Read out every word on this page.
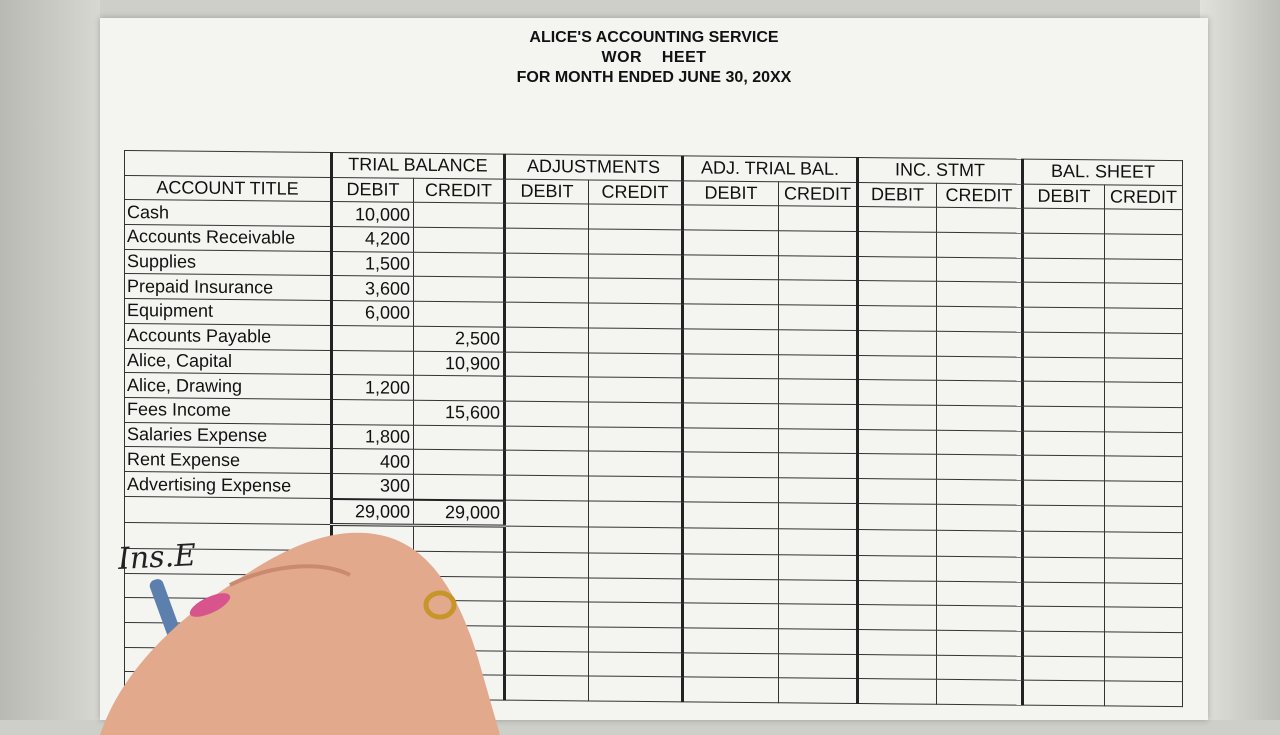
ALICE'S ACCOUNTING SERVICE
WOR    HEET
FOR MONTH ENDED JUNE 30, 20XX
	TRIAL BALANCE		ADJUSTMENTS		ADJ. TRIAL BAL.		INC. STMT		BAL. SHEET	
ACCOUNT TITLE	DEBIT	CREDIT	DEBIT	CREDIT	DEBIT	CREDIT	DEBIT	CREDIT	DEBIT	CREDIT
Cash	10,000									
Accounts Receivable	4,200									
Supplies	1,500									
Prepaid Insurance	3,600									
Equipment	6,000									
Accounts Payable		2,500								
Alice, Capital		10,900								
Alice, Drawing	1,200									
Fees Income		15,600								
Salaries Expense	1,800									
Rent Expense	400									
Advertising Expense	300									
	29,000	29,000								

Ins.E
